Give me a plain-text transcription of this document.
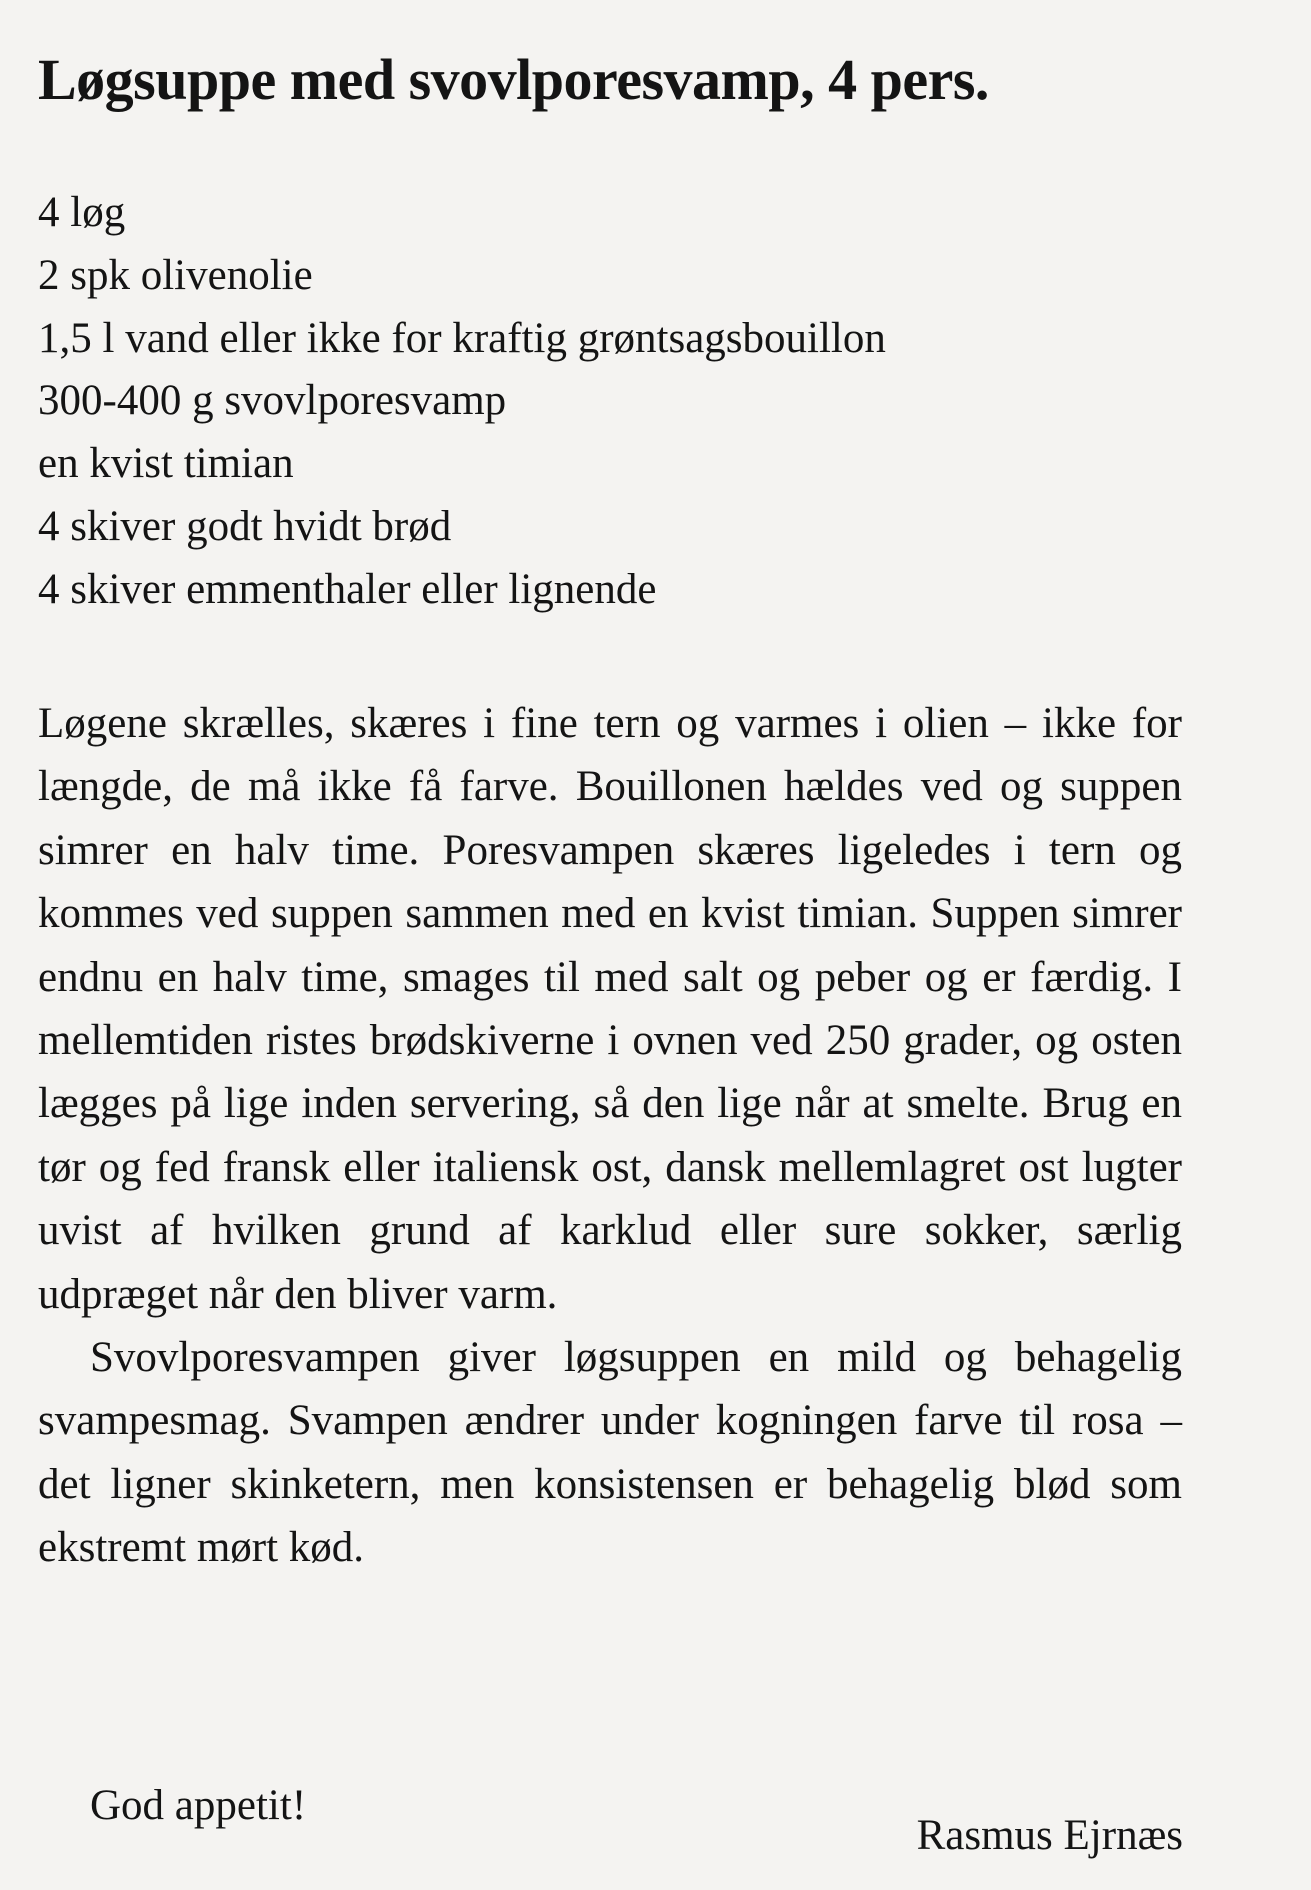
Løgsuppe med svovlporesvamp, 4 pers.
4 løg
2 spk olivenolie
1,5 l vand eller ikke for kraftig grøntsagsbouillon
300-400 g svovlporesvamp
en kvist timian
4 skiver godt hvidt brød
4 skiver emmenthaler eller lignende

Løgene skrælles, skæres i fine tern og varmes i olien – ikke for længde, de må ikke få farve. Bouillonen hældes ved og suppen simrer en halv time. Poresvampen skæres ligeledes i tern og kommes ved suppen sammen med en kvist timian. Suppen simrer endnu en halv time, smages til med salt og peber og er færdig. I mellemtiden ristes brødskiverne i ovnen ved 250 grader, og osten lægges på lige inden servering, så den lige når at smelte. Brug en tør og fed fransk eller italiensk ost, dansk mellemlagret ost lugter uvist af hvilken grund af karklud eller sure sokker, særlig udpræget når den bliver varm.

Svovlporesvampen giver løgsuppen en mild og behagelig svampesmag. Svampen ændrer under kogningen farve til rosa – det ligner skinketern, men konsistensen er behagelig blød som ekstremt mørt kød.

God appetit!

Rasmus Ejrnæs
